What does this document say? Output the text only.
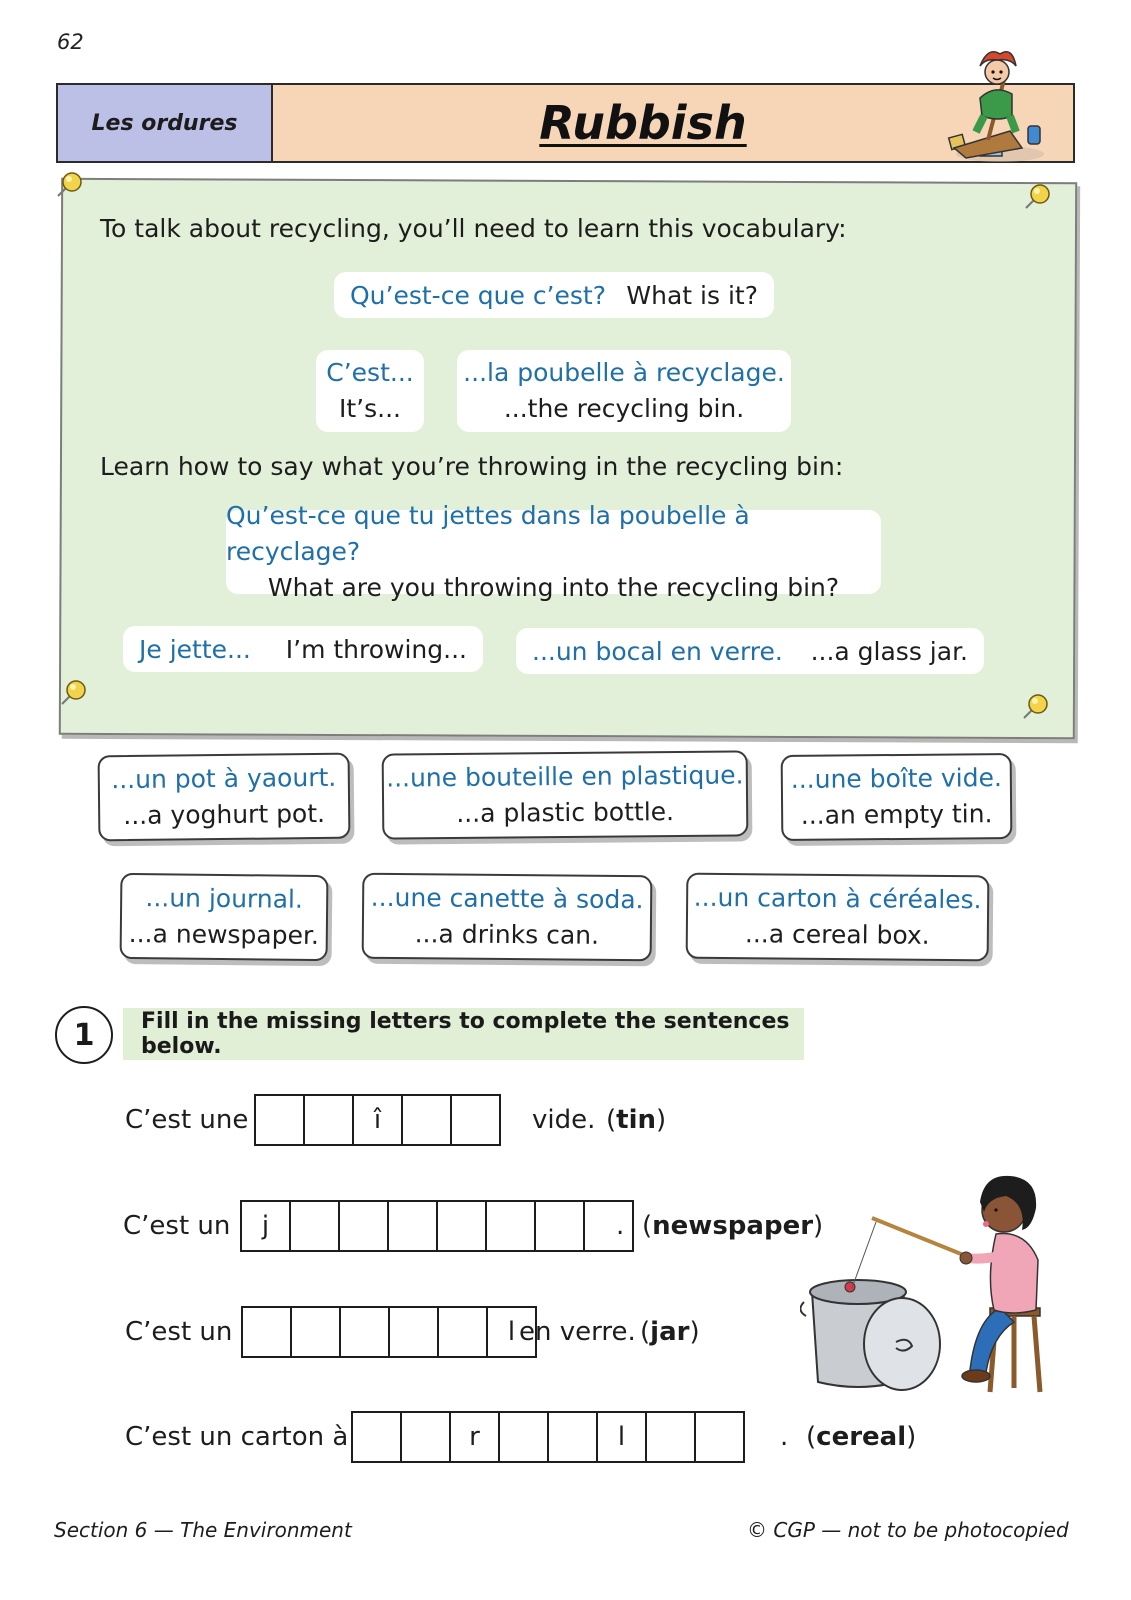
62
Les ordures	Rubbish
To talk about recycling, you’ll need to learn this vocabulary:
Qu’est-ce que c’est? What is it?
C’est...
It’s...
...la poubelle à recyclage.
...the recycling bin.
Learn how to say what you’re throwing in the recycling bin:
Qu’est-ce que tu jettes dans la poubelle à recyclage?
What are you throwing into the recycling bin?
Je jette... I’m throwing...	...un bocal en verre. ...a glass jar.
...un pot à yaourt.
...a yoghurt pot.
...une bouteille en plastique.
...a plastic bottle.
...une boîte vide.
...an empty tin.
...un journal.
...a newspaper.
...une canette à soda.
...a drinks can.
...un carton à céréales.
...a cereal box.
1	Fill in the missing letters to complete the sentences below.
C’est une	î	vide. (tin)
C’est un j	. (newspaper)
C’est un	l en verre. (jar)
C’est un carton à	r	l	. (cereal)
Section 6 — The Environment	© CGP — not to be photocopied
